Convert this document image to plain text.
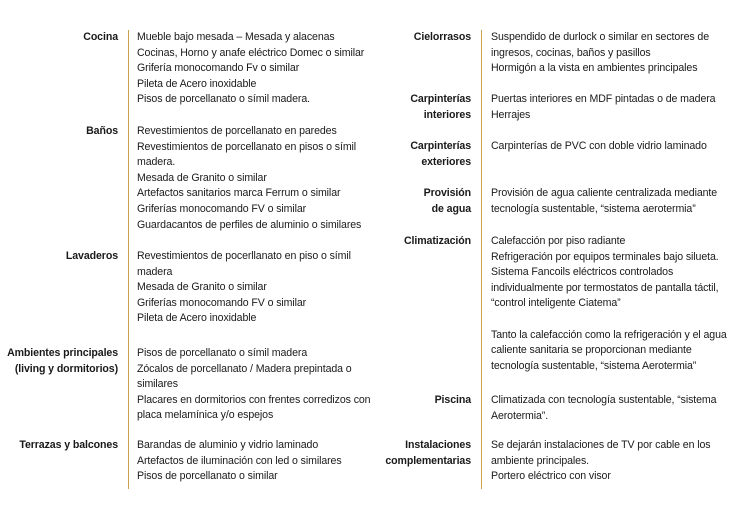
Cocina Mueble bajo mesada – Mesada y alacenas
Cocinas, Horno y anafe eléctrico Domec o similar
Grifería monocomando Fv o similar
Pileta de Acero inoxidable
Pisos de porcellanato o símil madera.
Baños Revestimientos de porcellanato en paredes
Revestimientos de porcellanato en pisos o símil
madera.
Mesada de Granito o similar
Artefactos sanitarios marca Ferrum o similar
Griferías monocomando FV o similar
Guardacantos de perfiles de aluminio o similares
Lavaderos Revestimientos de pocerllanato en piso o símil
madera
Mesada de Granito o similar
Griferías monocomando FV o similar
Pileta de Acero inoxidable
Ambientes principales
(living y dormitorios)
Pisos de porcellanato o símil madera
Zócalos de porcellanato / Madera prepintada o
similares
Placares en dormitorios con frentes corredizos con
placa melamínica y/o espejos
Terrazas y balcones Barandas de aluminio y vidrio laminado
Artefactos de iluminación con led o similares
Pisos de porcellanato o similar
Cielorrasos Suspendido de durlock o similar en sectores de
ingresos, cocinas, baños y pasillos
Hormigón a la vista en ambientes principales
Carpinterías
interiores
Puertas interiores en MDF pintadas o de madera
Herrajes
Carpinterías
exteriores
Carpinterías de PVC con doble vidrio laminado
Provisión
de agua
Provisión de agua caliente centralizada mediante
tecnología sustentable, “sistema aerotermia”
Climatización Calefacción por piso radiante
Refrigeración por equipos terminales bajo silueta.
Sistema Fancoils eléctricos controlados
individualmente por termostatos de pantalla táctil,
“control inteligente Ciatema”
Tanto la calefacción como la refrigeración y el agua
caliente sanitaria se proporcionan mediante
tecnología sustentable, “sistema Aerotermia”
Piscina Climatizada con tecnología sustentable, “sistema
Aerotermia”.
Instalaciones
complementarias
Se dejarán instalaciones de TV por cable en los
ambiente principales.
Portero eléctrico con visor
